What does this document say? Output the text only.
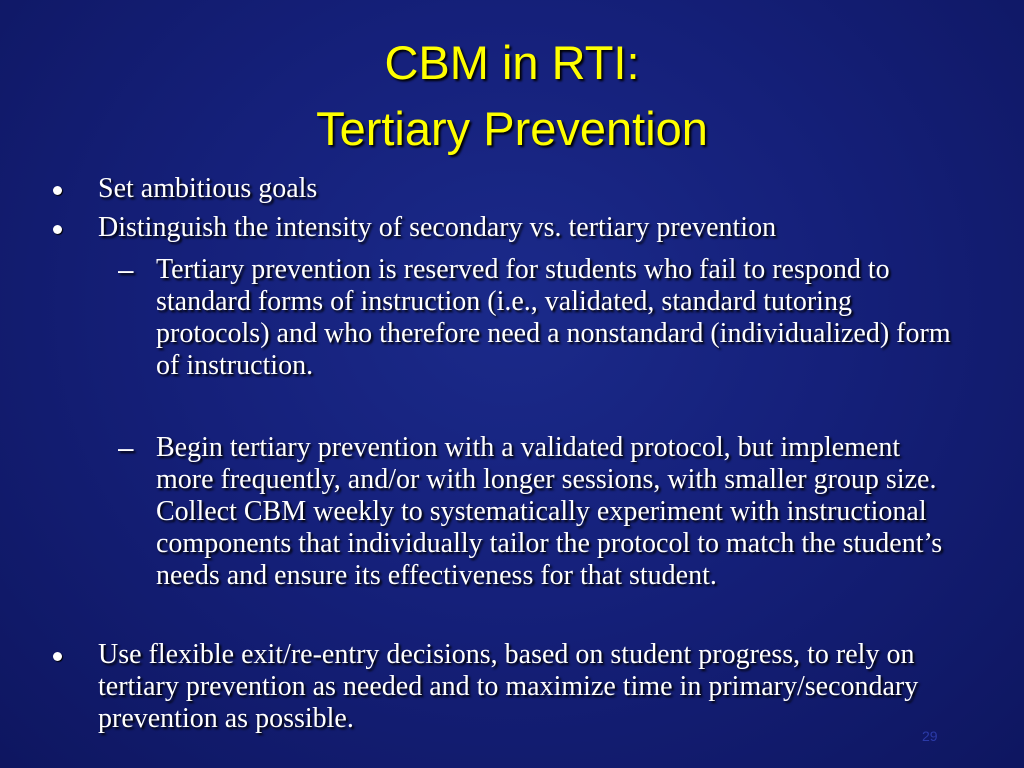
CBM in RTI:
Tertiary Prevention
Set ambitious goals
Distinguish the intensity of secondary vs. tertiary prevention
– Tertiary prevention is reserved for students who fail to respond to standard forms of instruction (i.e., validated, standard tutoring protocols) and who therefore need a nonstandard (individualized) form of instruction.
– Begin tertiary prevention with a validated protocol, but implement more frequently, and/or with longer sessions, with smaller group size. Collect CBM weekly to systematically experiment with instructional components that individually tailor the protocol to match the student’s needs and ensure its effectiveness for that student.
Use flexible exit/re-entry decisions, based on student progress, to rely on tertiary prevention as needed and to maximize time in primary/secondary prevention as possible.
29
